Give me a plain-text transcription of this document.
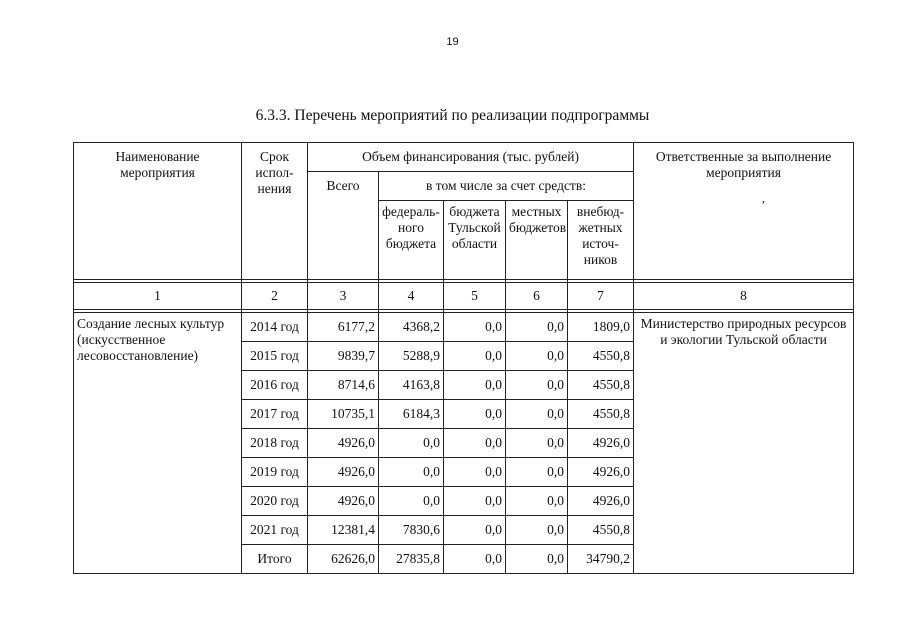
19
6.3.3. Перечень мероприятий по реализации подпрограммы
Наименование мероприятия	Срок испол-нения	Объем финансирования (тыс. рублей)					Ответственные за выполнение мероприятия
		Всего	в том числе за счет средств:				
			федераль-ного бюджета	бюджета Тульской области	местных бюджетов	внебюд-жетных источ-ников	

1	2	3	4	5	6	7	8

Создание лесных культур (искусственное лесовосстановление)	2014 год	6177,2	4368,2	0,0	0,0	1809,0	Министерство природных ресурсов и экологии Тульской области
	2015 год	9839,7	5288,9	0,0	0,0	4550,8	
	2016 год	8714,6	4163,8	0,0	0,0	4550,8	
	2017 год	10735,1	6184,3	0,0	0,0	4550,8	
	2018 год	4926,0	0,0	0,0	0,0	4926,0	
	2019 год	4926,0	0,0	0,0	0,0	4926,0	
	2020 год	4926,0	0,0	0,0	0,0	4926,0	
	2021 год	12381,4	7830,6	0,0	0,0	4550,8	
	Итого	62626,0	27835,8	0,0	0,0	34790,2	
,
